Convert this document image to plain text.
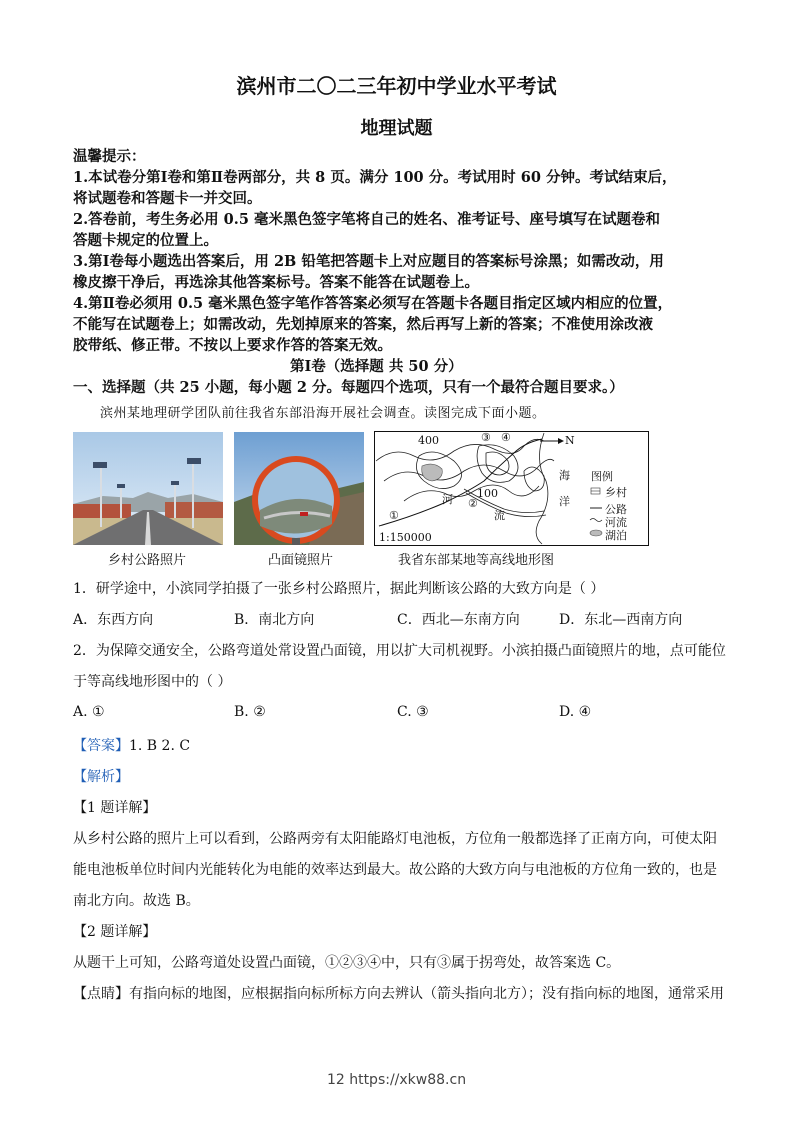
滨州市二〇二三年初中学业水平考试
地理试题
温馨提示：
1.本试卷分第Ⅰ卷和第Ⅱ卷两部分，共 8 页。满分 100 分。考试用时 60 分钟。考试结束后，
将试题卷和答题卡一并交回。
2.答卷前，考生务必用 0.5 毫米黑色签字笔将自己的姓名、准考证号、座号填写在试题卷和
答题卡规定的位置上。
3.第Ⅰ卷每小题选出答案后，用 2B 铅笔把答题卡上对应题目的答案标号涂黑；如需改动，用
橡皮擦干净后，再选涂其他答案标号。答案不能答在试题卷上。
4.第Ⅱ卷必须用 0.5 毫米黑色签字笔作答答案必须写在答题卡各题目指定区域内相应的位置，
不能写在试题卷上；如需改动，先划掉原来的答案，然后再写上新的答案；不准使用涂改液
胶带纸、修正带。不按以上要求作答的答案无效。
第Ⅰ卷（选择题 共 50 分）
一、选择题（共 25 小题，每小题 2 分。每题四个选项，只有一个最符合题目要求。）
滨州某地理研学团队前往我省东部沿海开展社会调查。读图完成下面小题。
乡村公路照片	凸面镜照片
400
100
①
②
③ ④	N
河
流
海
洋
1:150000
图例
乡村
公路
河流
湖泊
我省东部某地等高线地形图
1．研学途中，小滨同学拍摄了一张乡村公路照片，据此判断该公路的大致方向是（ ）
A．东西方向	B．南北方向	C．西北—东南方向	D．东北—西南方向
2．为保障交通安全，公路弯道处常设置凸面镜，用以扩大司机视野。小滨拍摄凸面镜照片的地，点可能位
于等高线地形图中的（ ）
A. ①	B. ②	C. ③	D. ④
【答案】1. B 2. C
【解析】
【1 题详解】
从乡村公路的照片上可以看到，公路两旁有太阳能路灯电池板，方位角一般都选择了正南方向，可使太阳
能电池板单位时间内光能转化为电能的效率达到最大。故公路的大致方向与电池板的方位角一致的，也是
南北方向。故选 B。
【2 题详解】
从题干上可知，公路弯道处设置凸面镜，①②③④中，只有③属于拐弯处，故答案选 C。
【点睛】有指向标的地图，应根据指向标所标方向去辨认（箭头指向北方）；没有指向标的地图，通常采用
12 https://xkw88.cn
